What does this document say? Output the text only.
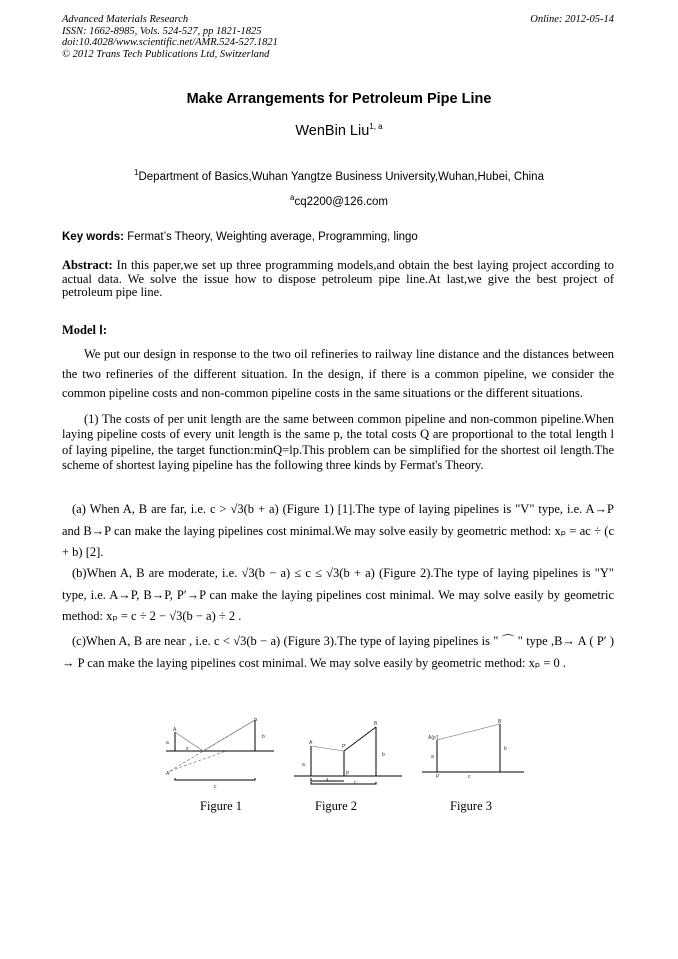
Advanced Materials Research
ISSN: 1662-8985, Vols. 524-527, pp 1821-1825
doi:10.4028/www.scientific.net/AMR.524-527.1821
© 2012 Trans Tech Publications Ltd, Switzerland
Online: 2012-05-14
Make Arrangements for Petroleum Pipe Line
WenBin Liu$^{1, a}$
$^1$Department of Basics,Wuhan Yangtze Business University,Wuhan,Hubei, China
$^a$cq2200@126.com
Key words: Fermat’s Theory, Weighting average, Programming, lingo
Abstract: In this paper,we set up three programming models,and obtain the best laying project according to actual data. We solve the issue how to dispose petroleum pipe line.At last,we give the best project of petroleum pipe line.
Model Ⅰ:
We put our design in response to the two oil refineries to railway line distance and the distances between the two refineries of the different situation. In the design, if there is a common pipeline, we consider the common pipeline costs and non-common pipeline costs in the same situations or the different situations.
(1) The costs of per unit length are the same between common pipeline and non-common pipeline.When laying pipeline costs of every unit length is the same p, the total costs Q are proportional to the total length l of laying pipeline, the target function:minQ=lp.This problem can be simplified for the shortest oil length.The scheme of shortest laying pipeline has the following three kinds by Fermat's Theory.
(a) When A, B are far, i.e. c > √3(b + a) (Figure 1) [1].The type of laying pipelines is "V" type, i.e. A→P and B→P can make the laying pipelines cost minimal.We may solve easily by geometric method: xₚ = ac ÷ (c + b) [2].
(b)When A, B are moderate, i.e. √3(b − a) ≤ c ≤ √3(b + a) (Figure 2).The type of laying pipelines is "Y" type, i.e. A→P, B→P, P′→P can make the laying pipelines cost minimal. We may solve easily by geometric method: xₚ = c ÷ 2 − √3(b − a) ÷ 2 .
(c)When A, B are near , i.e. c < √3(b − a) (Figure 3).The type of laying pipelines is " ⌒ " type ,B→ A ( P′ ) → P can make the laying pipelines cost minimal. We may solve easily by geometric method: xₚ = 0 .
A
B
a
b
x
c
A'
A
B
P'
P
a
b
x	c
A(p')
B
a
b
P	c
Figure 1	Figure 2	Figure 3
